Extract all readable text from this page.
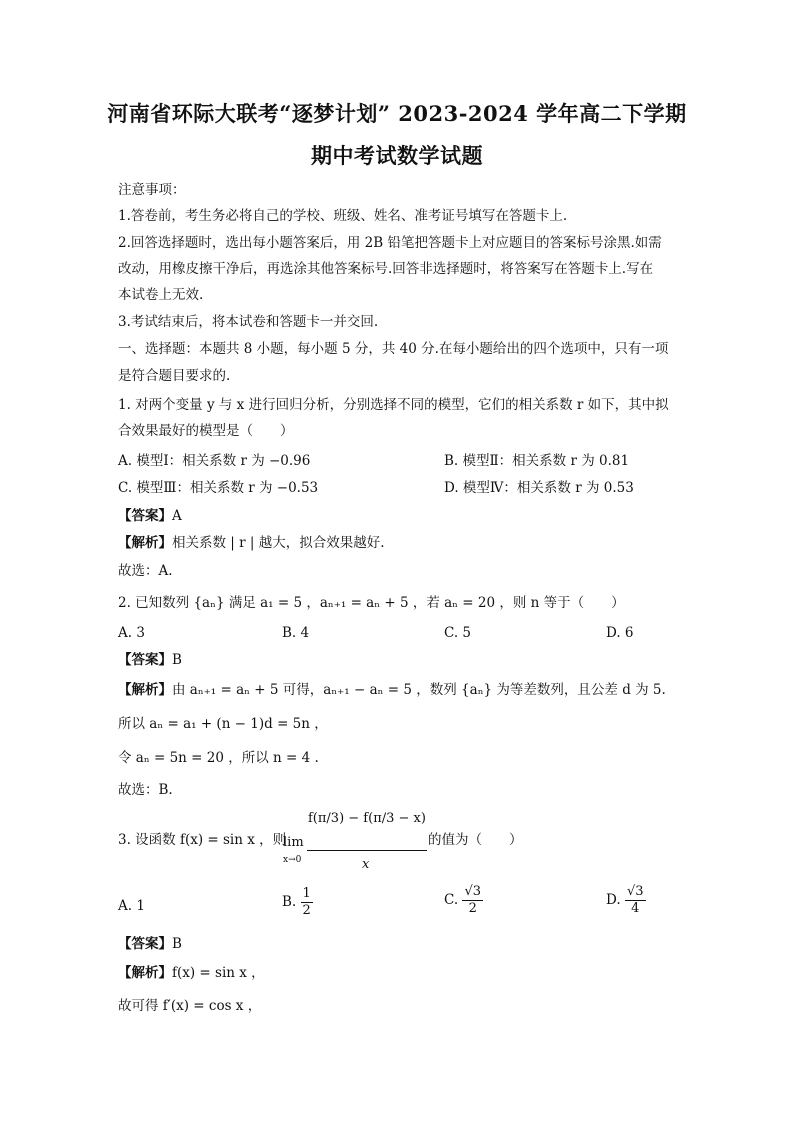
河南省环际大联考“逐梦计划” 2023-2024 学年高二下学期
期中考试数学试题
注意事项：
1.答卷前，考生务必将自己的学校、班级、姓名、准考证号填写在答题卡上.
2.回答选择题时，选出每小题答案后，用 2B 铅笔把答题卡上对应题目的答案标号涂黑.如需
改动，用橡皮擦干净后，再选涂其他答案标号.回答非选择题时，将答案写在答题卡上.写在
本试卷上无效.
3.考试结束后，将本试卷和答题卡一并交回.
一、选择题：本题共 8 小题，每小题 5 分，共 40 分.在每小题给出的四个选项中，只有一项
是符合题目要求的.
1. 对两个变量 y 与 x 进行回归分析，分别选择不同的模型，它们的相关系数 r 如下，其中拟
合效果最好的模型是（　　）
A. 模型Ⅰ：相关系数 r 为 −0.96	B. 模型Ⅱ：相关系数 r 为 0.81
C. 模型Ⅲ：相关系数 r 为 −0.53	D. 模型Ⅳ：相关系数 r 为 0.53
【答案】A
【解析】相关系数 | r | 越大，拟合效果越好.
故选：A.
2. 已知数列 {aₙ} 满足 a₁ = 5 ，aₙ₊₁ = aₙ + 5 ，若 aₙ = 20 ，则 n 等于（　　）
A. 3	B. 4	C. 5	D. 6
【答案】B
【解析】由 aₙ₊₁ = aₙ + 5 可得，aₙ₊₁ − aₙ = 5 ，数列 {aₙ} 为等差数列，且公差 d 为 5.
所以 aₙ = a₁ + (n − 1)d = 5n ，
令 aₙ = 5n = 20 ，所以 n = 4 .
故选：B.
3. 设函数 f(x) = sin x ，则
lim
x→0
f(π/3) − f(π/3 − x)
x
的值为（　　）
A. 1	B. $\frac{1}{2}$	C. $\frac{√3}{2}$	D. $\frac{√3}{4}$
【答案】B
【解析】f(x) = sin x ，
故可得 f′(x) = cos x ，
